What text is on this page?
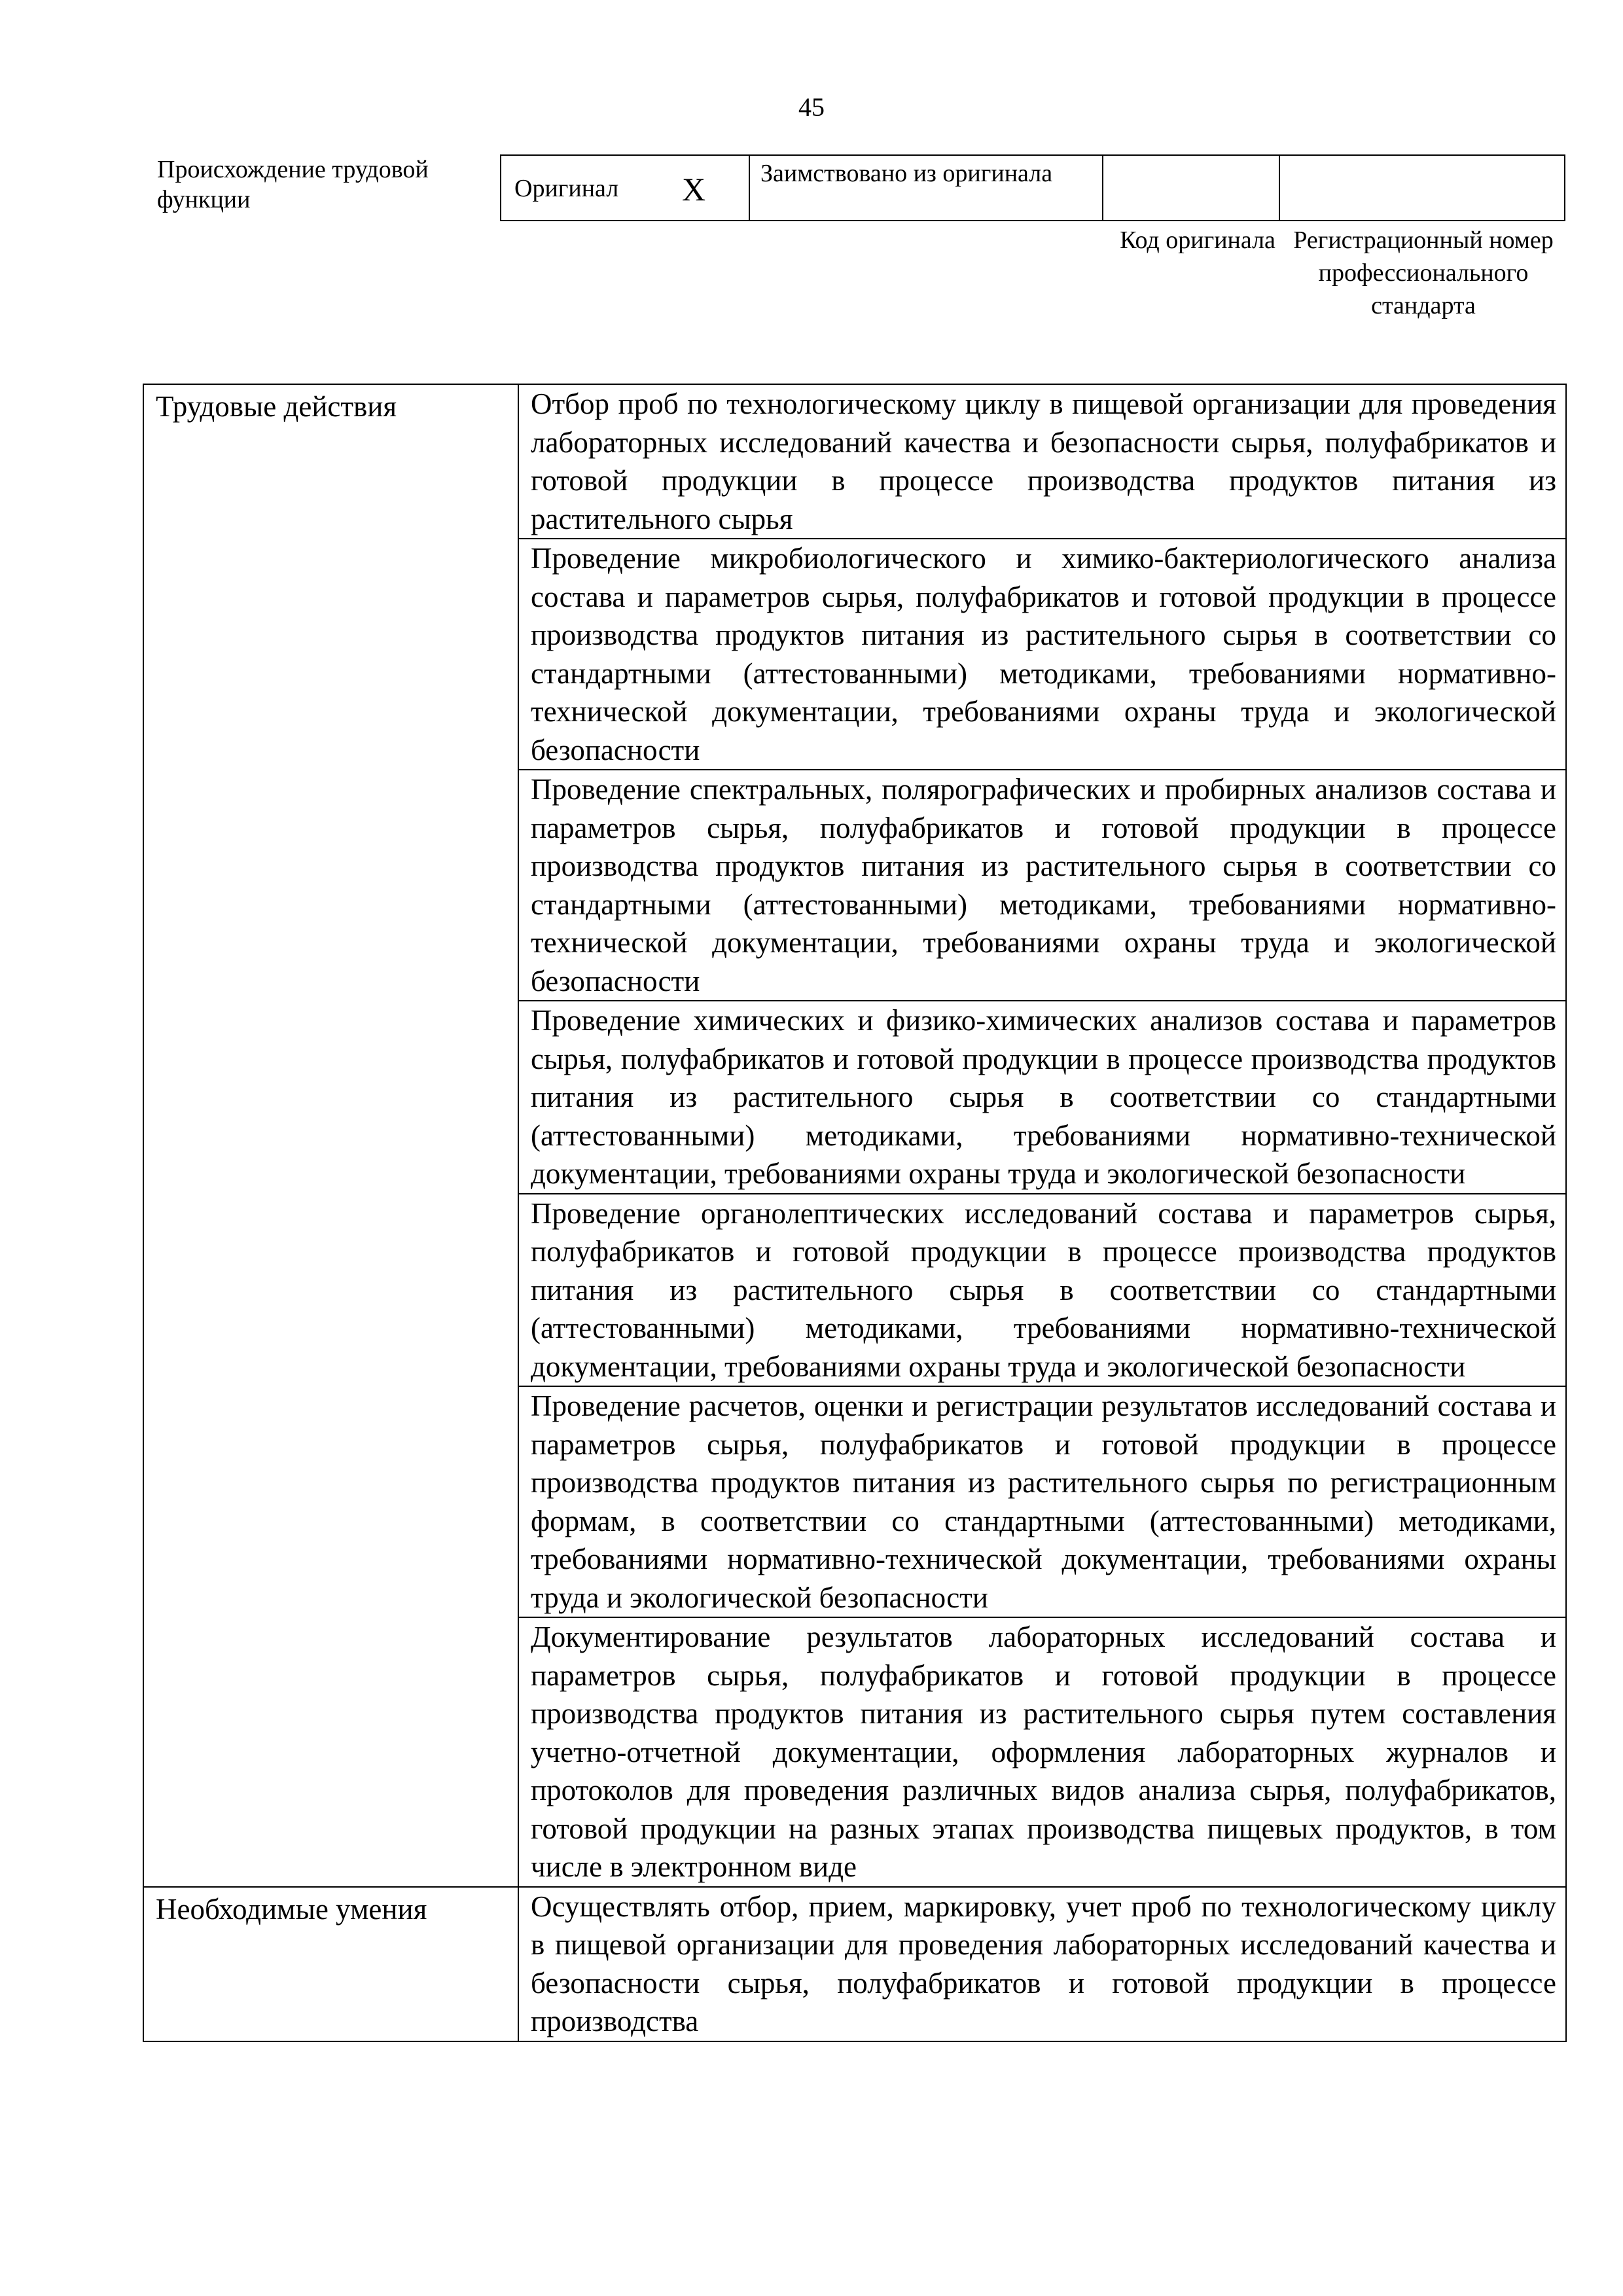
45
Происхождение трудовой функции	Оригинал X Заимствовано из оригинала
Код оригинала Регистрационный номер профессионального стандарта
Трудовые действия	Отбор проб по технологическому циклу в пищевой организации для проведения лабораторных исследований качества и безопасности сырья, полуфабрикатов и готовой продукции в процессе производства продуктов питания из растительного сырья
	Проведение микробиологического и химико-бактериологического анализа состава и параметров сырья, полуфабрикатов и готовой продукции в процессе производства продуктов питания из растительного сырья в соответствии со стандартными (аттестованными) методиками, требованиями нормативно-технической документации, требованиями охраны труда и экологической безопасности
	Проведение спектральных, полярографических и пробирных анализов состава и параметров сырья, полуфабрикатов и готовой продукции в процессе производства продуктов питания из растительного сырья в соответствии со стандартными (аттестованными) методиками, требованиями нормативно-технической документации, требованиями охраны труда и экологической безопасности
	Проведение химических и физико-химических анализов состава и параметров сырья, полуфабрикатов и готовой продукции в процессе производства продуктов питания из растительного сырья в соответствии со стандартными (аттестованными) методиками, требованиями нормативно-технической документации, требованиями охраны труда и экологической безопасности
	Проведение органолептических исследований состава и параметров сырья, полуфабрикатов и готовой продукции в процессе производства продуктов питания из растительного сырья в соответствии со стандартными (аттестованными) методиками, требованиями нормативно-технической документации, требованиями охраны труда и экологической безопасности
	Проведение расчетов, оценки и регистрации результатов исследований состава и параметров сырья, полуфабрикатов и готовой продукции в процессе производства продуктов питания из растительного сырья по регистрационным формам, в соответствии со стандартными (аттестованными) методиками, требованиями нормативно-технической документации, требованиями охраны труда и экологической безопасности
	Документирование результатов лабораторных исследований состава и параметров сырья, полуфабрикатов и готовой продукции в процессе производства продуктов питания из растительного сырья путем составления учетно-отчетной документации, оформления лабораторных журналов и протоколов для проведения различных видов анализа сырья, полуфабрикатов, готовой продукции на разных этапах производства пищевых продуктов, в том числе в электронном виде
Необходимые умения	Осуществлять отбор, прием, маркировку, учет проб по технологическому циклу в пищевой организации для проведения лабораторных исследований качества и безопасности сырья, полуфабрикатов и готовой продукции в процессе производства
